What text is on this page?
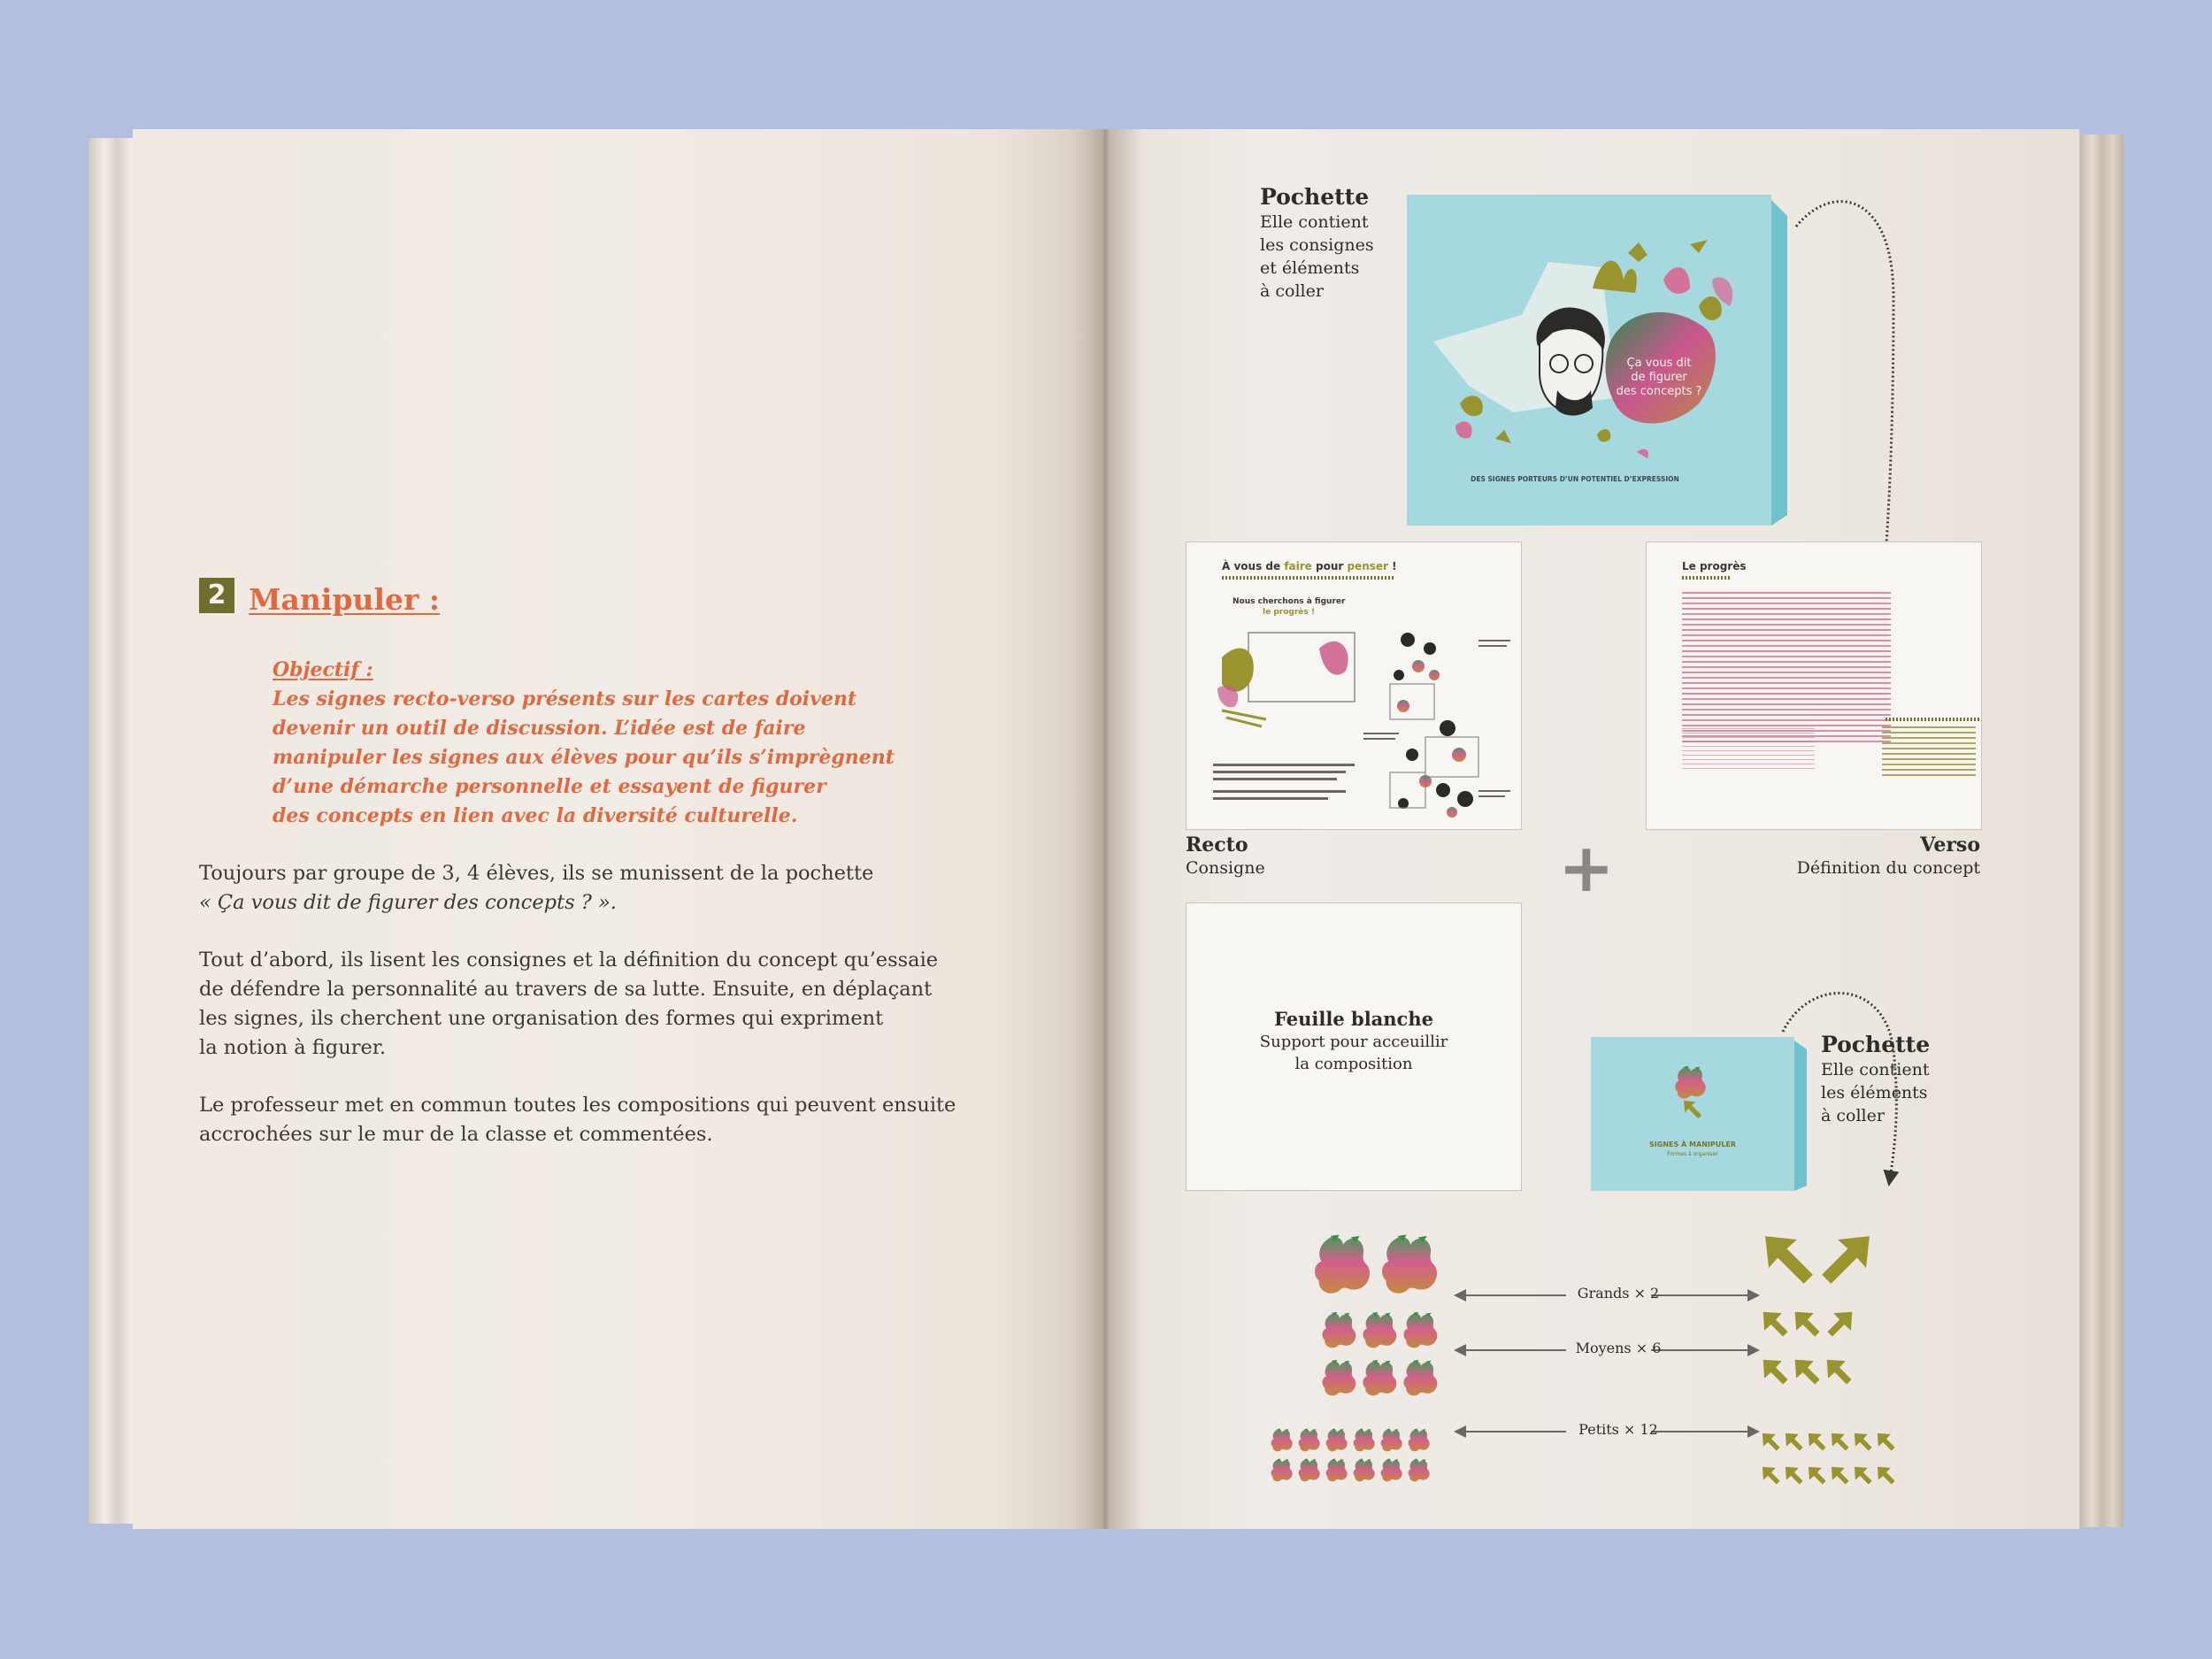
2 Manipuler :
Objectif :
Les signes recto-verso présents sur les cartes doivent
devenir un outil de discussion. L’idée est de faire
manipuler les signes aux élèves pour qu’ils s’imprègnent
d’une démarche personnelle et essayent de figurer
des concepts en lien avec la diversité culturelle.
Toujours par groupe de 3, 4 élèves, ils se munissent de la pochette
« Ça vous dit de figurer des concepts ? ».
Tout d’abord, ils lisent les consignes et la définition du concept qu’essaie
de défendre la personnalité au travers de sa lutte. Ensuite, en déplaçant
les signes, ils cherchent une organisation des formes qui expriment
la notion à figurer.
Le professeur met en commun toutes les compositions qui peuvent ensuite
accrochées sur le mur de la classe et commentées.
Pochette
Elle contient
les consignes
et éléments
à coller
Ça vous dit
de figurer
des concepts ?
DES SIGNES PORTEURS D’UN POTENTIEL D’EXPRESSION
À vous de faire pour penser !
Nous cherchons à figurer
le progrès !
Le progrès
Recto
Consigne
Verso
Définition du concept
+
Feuille blanche
Support pour acceuillir
la composition
SIGNES À MANIPULER
Formes à organiser
Pochette
Elle contient
les éléments
à coller
Grands × 2
Moyens × 6
Petits × 12
